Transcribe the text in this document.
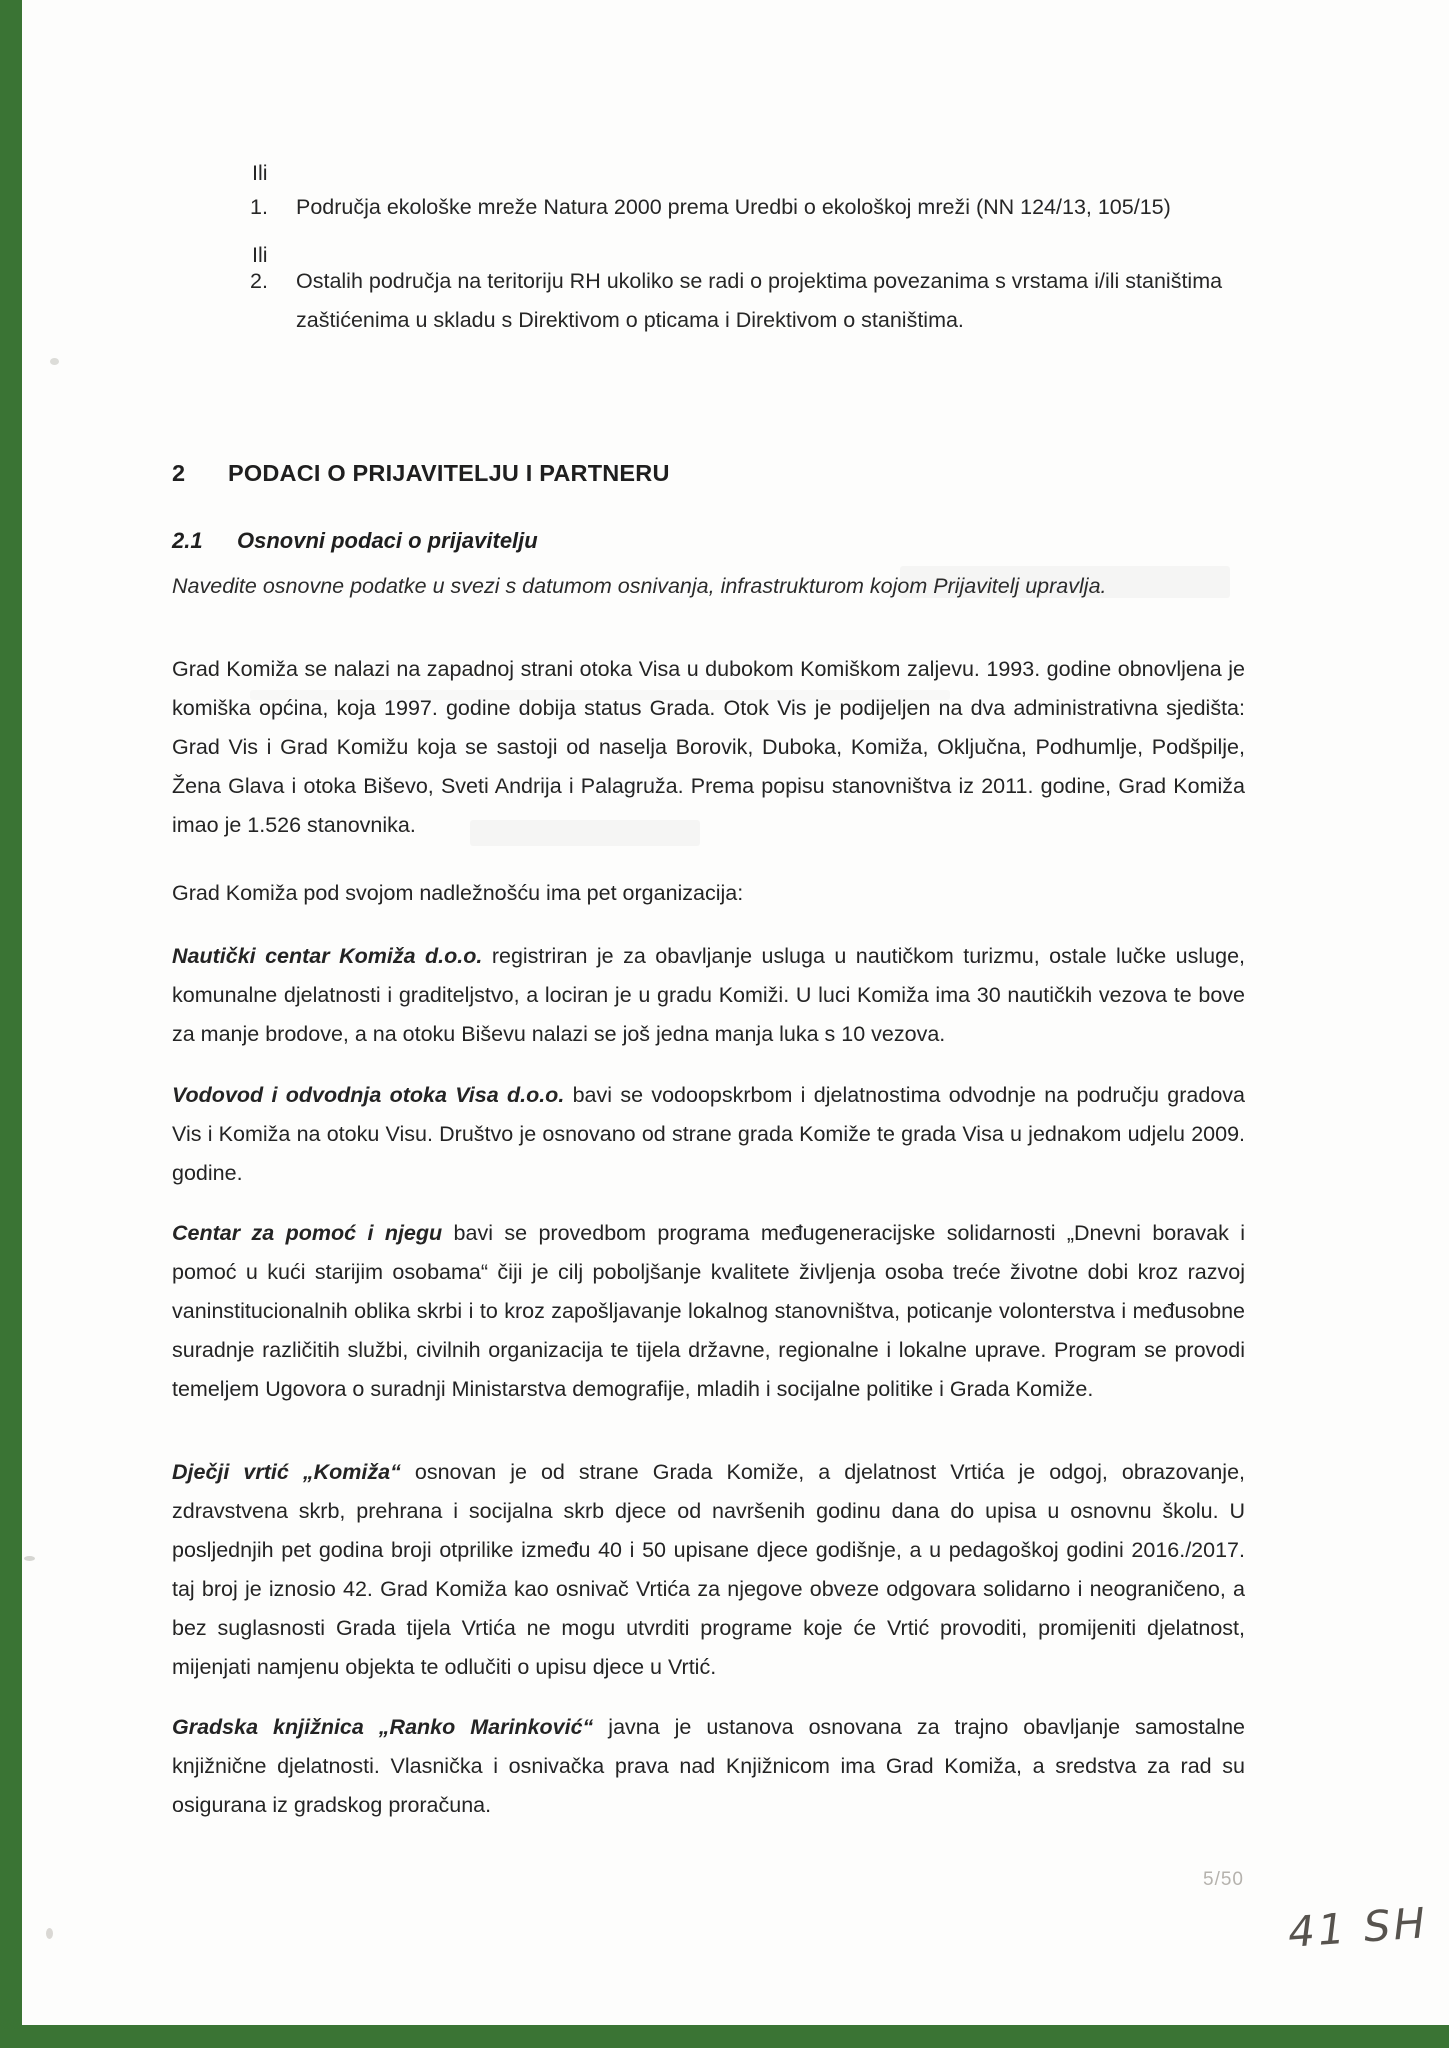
Ili
1.	Područja ekološke mreže Natura 2000 prema Uredbi o ekološkoj mreži (NN 124/13, 105/15)
Ili
2.	Ostalih područja na teritoriju RH ukoliko se radi o projektima povezanima s vrstama i/ili staništima zaštićenima u skladu s Direktivom o pticama i Direktivom o staništima.
2	PODACI O PRIJAVITELJU I PARTNERU
2.1	Osnovni podaci o prijavitelju
Navedite osnovne podatke u svezi s datumom osnivanja, infrastrukturom kojom Prijavitelj upravlja.
Grad Komiža se nalazi na zapadnoj strani otoka Visa u dubokom Komiškom zaljevu. 1993. godine obnovljena je komiška općina, koja 1997. godine dobija status Grada. Otok Vis je podijeljen na dva administrativna sjedišta: Grad Vis i Grad Komižu koja se sastoji od naselja Borovik, Duboka, Komiža, Oključna, Podhumlje, Podšpilje, Žena Glava i otoka Biševo, Sveti Andrija i Palagruža. Prema popisu stanovništva iz 2011. godine, Grad Komiža imao je 1.526 stanovnika.
Grad Komiža pod svojom nadležnošću ima pet organizacija:
Nautički centar Komiža d.o.o. registriran je za obavljanje usluga u nautičkom turizmu, ostale lučke usluge, komunalne djelatnosti i graditeljstvo, a lociran je u gradu Komiži. U luci Komiža ima 30 nautičkih vezova te bove za manje brodove, a na otoku Biševu nalazi se još jedna manja luka s 10 vezova.
Vodovod i odvodnja otoka Visa d.o.o. bavi se vodoopskrbom i djelatnostima odvodnje na području gradova Vis i Komiža na otoku Visu. Društvo je osnovano od strane grada Komiže te grada Visa u jednakom udjelu 2009. godine.
Centar za pomoć i njegu bavi se provedbom programa međugeneracijske solidarnosti „Dnevni boravak i pomoć u kući starijim osobama“ čiji je cilj poboljšanje kvalitete življenja osoba treće životne dobi kroz razvoj vaninstitucionalnih oblika skrbi i to kroz zapošljavanje lokalnog stanovništva, poticanje volonterstva i međusobne suradnje različitih službi, civilnih organizacija te tijela državne, regionalne i lokalne uprave. Program se provodi temeljem Ugovora o suradnji Ministarstva demografije, mladih i socijalne politike i Grada Komiže.
Dječji vrtić „Komiža“ osnovan je od strane Grada Komiže, a djelatnost Vrtića je odgoj, obrazovanje, zdravstvena skrb, prehrana i socijalna skrb djece od navršenih godinu dana do upisa u osnovnu školu. U posljednjih pet godina broji otprilike između 40 i 50 upisane djece godišnje, a u pedagoškoj godini 2016./2017. taj broj je iznosio 42. Grad Komiža kao osnivač Vrtića za njegove obveze odgovara solidarno i neograničeno, a bez suglasnosti Grada tijela Vrtića ne mogu utvrditi programe koje će Vrtić provoditi, promijeniti djelatnost, mijenjati namjenu objekta te odlučiti o upisu djece u Vrtić.
Gradska knjižnica „Ranko Marinković“ javna je ustanova osnovana za trajno obavljanje samostalne knjižnične djelatnosti. Vlasnička i osnivačka prava nad Knjižnicom ima Grad Komiža, a sredstva za rad su osigurana iz gradskog proračuna.
5/50
41 SH
